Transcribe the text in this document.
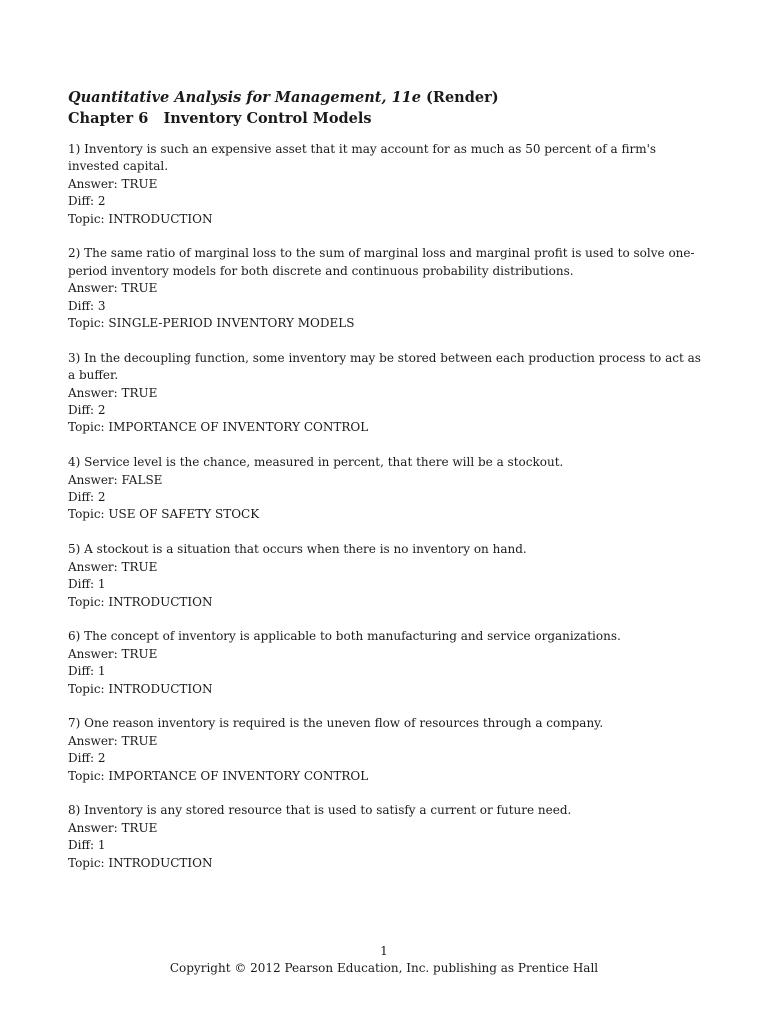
Quantitative Analysis for Management, 11e (Render)
Chapter 6   Inventory Control Models
1) Inventory is such an expensive asset that it may account for as much as 50 percent of a firm's invested capital.
Answer: TRUE
Diff: 2
Topic: INTRODUCTION
2) The same ratio of marginal loss to the sum of marginal loss and marginal profit is used to solve one-period inventory models for both discrete and continuous probability distributions.
Answer: TRUE
Diff: 3
Topic: SINGLE-PERIOD INVENTORY MODELS
3) In the decoupling function, some inventory may be stored between each production process to act as a buffer.
Answer: TRUE
Diff: 2
Topic: IMPORTANCE OF INVENTORY CONTROL
4) Service level is the chance, measured in percent, that there will be a stockout.
Answer: FALSE
Diff: 2
Topic: USE OF SAFETY STOCK
5) A stockout is a situation that occurs when there is no inventory on hand.
Answer: TRUE
Diff: 1
Topic: INTRODUCTION
6) The concept of inventory is applicable to both manufacturing and service organizations.
Answer: TRUE
Diff: 1
Topic: INTRODUCTION
7) One reason inventory is required is the uneven flow of resources through a company.
Answer: TRUE
Diff: 2
Topic: IMPORTANCE OF INVENTORY CONTROL
8) Inventory is any stored resource that is used to satisfy a current or future need.
Answer: TRUE
Diff: 1
Topic: INTRODUCTION
1
Copyright © 2012 Pearson Education, Inc. publishing as Prentice Hall
